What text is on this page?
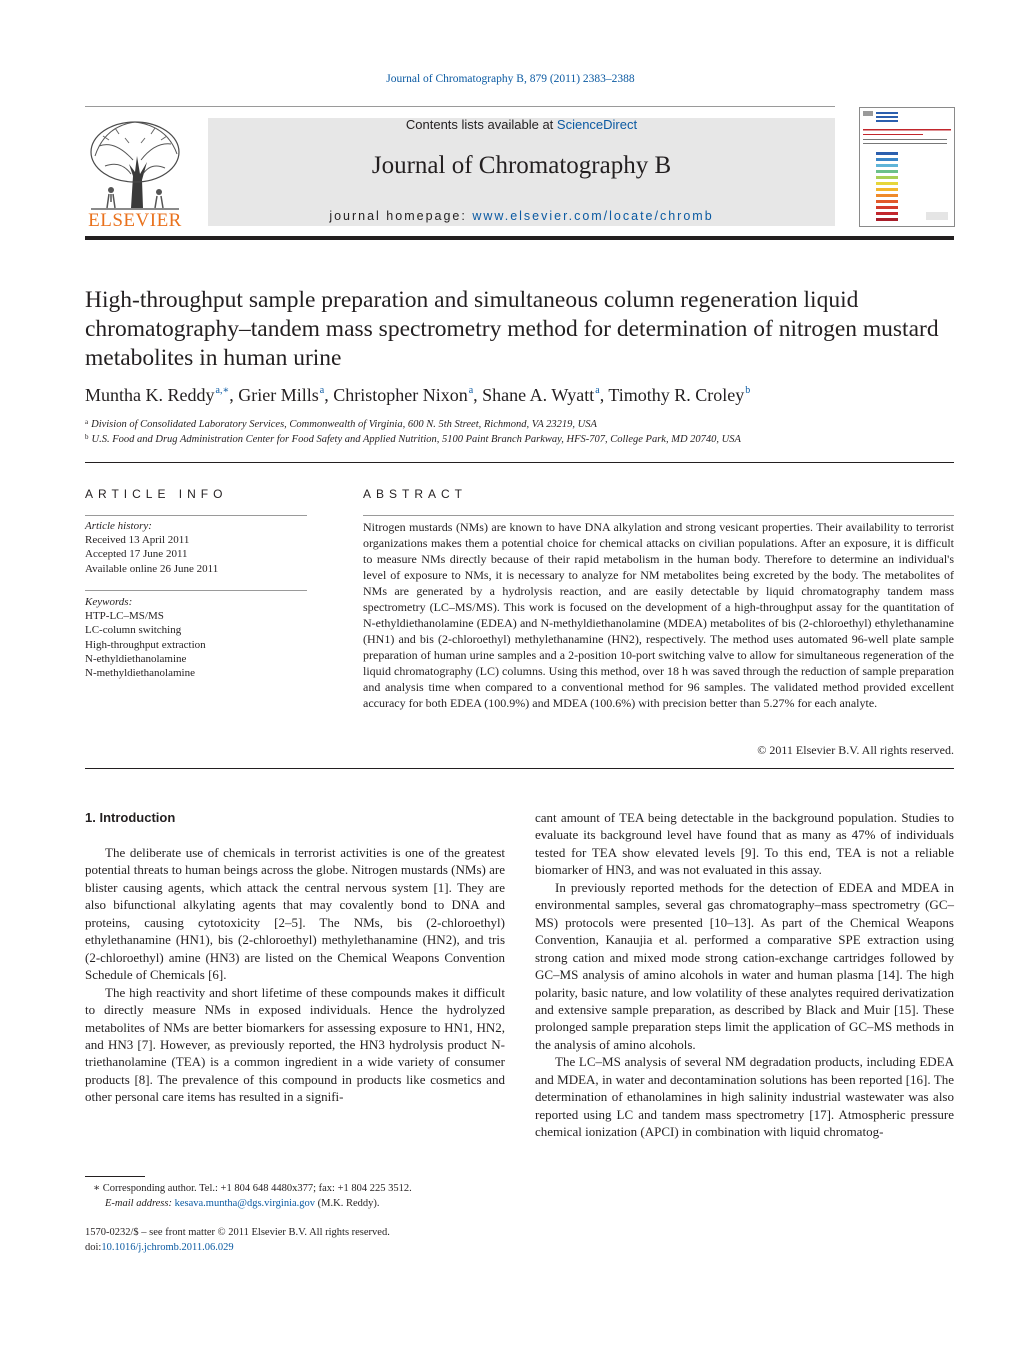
Journal of Chromatography B, 879 (2011) 2383–2388
ELSEVIER
Contents lists available at ScienceDirect
Journal of Chromatography B
journal homepage: www.elsevier.com/locate/chromb
High-throughput sample preparation and simultaneous column regeneration liquid chromatography–tandem mass spectrometry method for determination of nitrogen mustard metabolites in human urine
Muntha K. Reddy$^{a,∗}$, Grier Mills$^a$, Christopher Nixon$^a$, Shane A. Wyatt$^a$, Timothy R. Croley$^b$
$^a$ Division of Consolidated Laboratory Services, Commonwealth of Virginia, 600 N. 5th Street, Richmond, VA 23219, USA
$^b$ U.S. Food and Drug Administration Center for Food Safety and Applied Nutrition, 5100 Paint Branch Parkway, HFS-707, College Park, MD 20740, USA
ARTICLE INFO
Article history:
Received 13 April 2011
Accepted 17 June 2011
Available online 26 June 2011
Keywords:
HTP-LC–MS/MS
LC-column switching
High-throughput extraction
N-ethyldiethanolamine
N-methyldiethanolamine
ABSTRACT
Nitrogen mustards (NMs) are known to have DNA alkylation and strong vesicant properties. Their availability to terrorist organizations makes them a potential choice for chemical attacks on civilian populations. After an exposure, it is difficult to measure NMs directly because of their rapid metabolism in the human body. Therefore to determine an individual's level of exposure to NMs, it is necessary to analyze for NM metabolites being excreted by the body. The metabolites of NMs are generated by a hydrolysis reaction, and are easily detectable by liquid chromatography tandem mass spectrometry (LC–MS/MS). This work is focused on the development of a high-throughput assay for the quantitation of N-ethyldiethanolamine (EDEA) and N-methyldiethanolamine (MDEA) metabolites of bis (2-chloroethyl) ethylethanamine (HN1) and bis (2-chloroethyl) methylethanamine (HN2), respectively. The method uses automated 96-well plate sample preparation of human urine samples and a 2-position 10-port switching valve to allow for simultaneous regeneration of the liquid chromatography (LC) columns. Using this method, over 18 h was saved through the reduction of sample preparation and analysis time when compared to a conventional method for 96 samples. The validated method provided excellent accuracy for both EDEA (100.9%) and MDEA (100.6%) with precision better than 5.27% for each analyte.
© 2011 Elsevier B.V. All rights reserved.
1. Introduction

The deliberate use of chemicals in terrorist activities is one of the greatest potential threats to human beings across the globe. Nitrogen mustards (NMs) are blister causing agents, which attack the central nervous system [1]. They are also bifunctional alkylating agents that may covalently bond to DNA and proteins, causing cytotoxicity [2–5]. The NMs, bis (2-chloroethyl) ethylethanamine (HN1), bis (2-chloroethyl) methylethanamine (HN2), and tris (2-chloroethyl) amine (HN3) are listed on the Chemical Weapons Convention Schedule of Chemicals [6].

The high reactivity and short lifetime of these compounds makes it difficult to directly measure NMs in exposed individuals. Hence the hydrolyzed metabolites of NMs are better biomarkers for assessing exposure to HN1, HN2, and HN3 [7]. However, as previously reported, the HN3 hydrolysis product N-triethanolamine (TEA) is a common ingredient in a wide variety of consumer products [8]. The prevalence of this compound in products like cosmetics and other personal care items has resulted in a signifi-

cant amount of TEA being detectable in the background population. Studies to evaluate its background level have found that as many as 47% of individuals tested for TEA show elevated levels [9]. To this end, TEA is not a reliable biomarker of HN3, and was not evaluated in this assay.

In previously reported methods for the detection of EDEA and MDEA in environmental samples, several gas chromatography–mass spectrometry (GC–MS) protocols were presented [10–13]. As part of the Chemical Weapons Convention, Kanaujia et al. performed a comparative SPE extraction using strong cation and mixed mode strong cation-exchange cartridges followed by GC–MS analysis of amino alcohols in water and human plasma [14]. The high polarity, basic nature, and low volatility of these analytes required derivatization and extensive sample preparation, as described by Black and Muir [15]. These prolonged sample preparation steps limit the application of GC–MS methods in the analysis of amino alcohols.

The LC–MS analysis of several NM degradation products, including EDEA and MDEA, in water and decontamination solutions has been reported [16]. The determination of ethanolamines in high salinity industrial wastewater was also reported using LC and tandem mass spectrometry [17]. Atmospheric pressure chemical ionization (APCI) in combination with liquid chromatog-

∗ Corresponding author. Tel.: +1 804 648 4480x377; fax: +1 804 225 3512.
E-mail address: kesava.muntha@dgs.virginia.gov (M.K. Reddy).
1570-0232/$ – see front matter © 2011 Elsevier B.V. All rights reserved.
doi:10.1016/j.jchromb.2011.06.029
